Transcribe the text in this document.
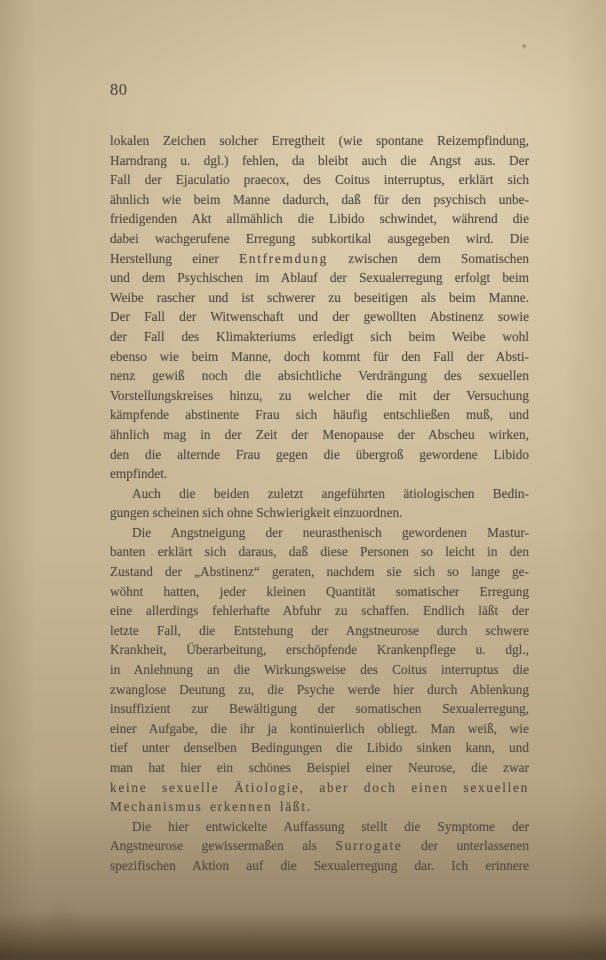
80
lokalen Zeichen solcher Erregtheit (wie spontane Reizempfindung,
Harndrang u. dgl.) fehlen, da bleibt auch die Angst aus. Der
Fall der Ejaculatio praecox, des Coitus interruptus, erklärt sich
ähnlich wie beim Manne dadurch, daß für den psychisch unbe-
friedigenden Akt allmählich die Libido schwindet, während die
dabei wachgerufene Erregung subkortikal ausgegeben wird. Die
Herstellung einer Entfremdung zwischen dem Somatischen
und dem Psychischen im Ablauf der Sexualerregung erfolgt beim
Weibe rascher und ist schwerer zu beseitigen als beim Manne.
Der Fall der Witwenschaft und der gewollten Abstinenz sowie
der Fall des Klimakteriums erledigt sich beim Weibe wohl
ebenso wie beim Manne, doch kommt für den Fall der Absti-
nenz gewiß noch die absichtliche Verdrängung des sexuellen
Vorstellungskreises hinzu, zu welcher die mit der Versuchung
kämpfende abstinente Frau sich häufig entschließen muß, und
ähnlich mag in der Zeit der Menopause der Abscheu wirken,
den die alternde Frau gegen die übergroß gewordene Libido
empfindet.
Auch die beiden zuletzt angeführten ätiologischen Bedin-
gungen scheinen sich ohne Schwierigkeit einzuordnen.
Die Angstneigung der neurasthenisch gewordenen Mastur-
banten erklärt sich daraus, daß diese Personen so leicht in den
Zustand der „Abstinenz“ geraten, nachdem sie sich so lange ge-
wöhnt hatten, jeder kleinen Quantität somatischer Erregung
eine allerdings fehlerhafte Abfuhr zu schaffen. Endlich läßt der
letzte Fall, die Entstehung der Angstneurose durch schwere
Krankheit, Überarbeitung, erschöpfende Krankenpflege u. dgl.,
in Anlehnung an die Wirkungsweise des Coitus interruptus die
zwanglose Deutung zu, die Psyche werde hier durch Ablenkung
insuffizient zur Bewältigung der somatischen Sexualerregung,
einer Aufgabe, die ihr ja kontinuierlich obliegt. Man weiß, wie
tief unter denselben Bedingungen die Libido sinken kann, und
man hat hier ein schönes Beispiel einer Neurose, die zwar
keine sexuelle Ätiologie, aber doch einen sexuellen
Mechanismus erkennen läßt.
Die hier entwickelte Auffassung stellt die Symptome der
Angstneurose gewissermaßen als Surrogate der unterlassenen
spezifischen Aktion auf die Sexualerregung dar. Ich erinnere
